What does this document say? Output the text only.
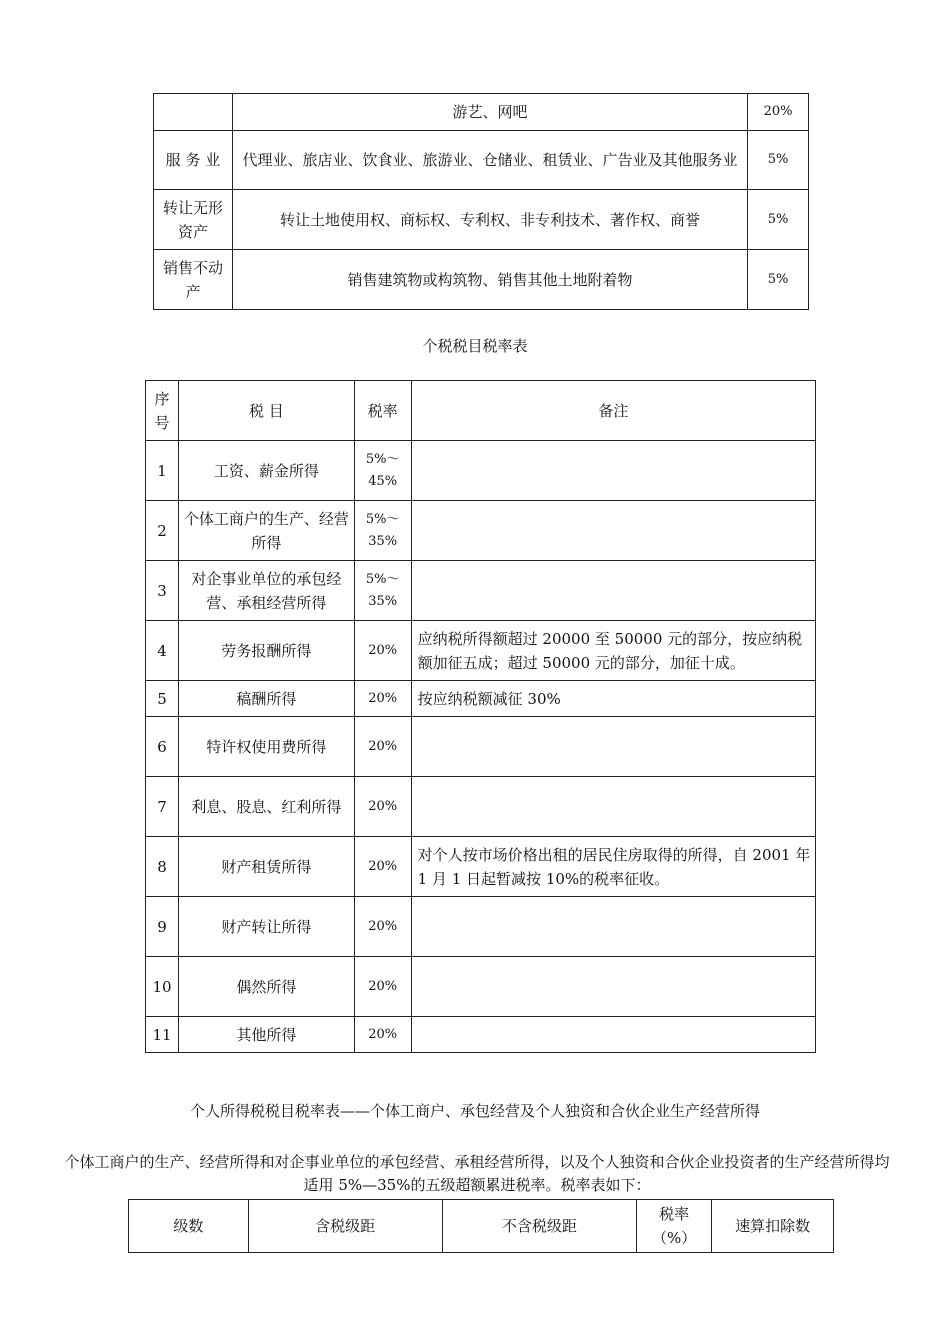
	游艺、网吧	20%
服 务 业	代理业、旅店业、饮食业、旅游业、仓储业、租赁业、广告业及其他服务业	5%
转让无形资产	转让土地使用权、商标权、专利权、非专利技术、著作权、商誉	5%
销售不动产	销售建筑物或构筑物、销售其他土地附着物	5%
个税税目税率表
序号	税 目	税率	备注
1	工资、薪金所得	5%～45%	
2	个体工商户的生产、经营所得	5%～35%	
3	对企事业单位的承包经营、承租经营所得	5%～35%	
4	劳务报酬所得	20%	应纳税所得额超过 20000 至 50000 元的部分，按应纳税额加征五成；超过 50000 元的部分，加征十成。
5	稿酬所得	20%	按应纳税额减征 30%
6	特许权使用费所得	20%	
7	利息、股息、红利所得	20%	
8	财产租赁所得	20%	对个人按市场价格出租的居民住房取得的所得，自 2001 年 1 月 1 日起暂减按 10%的税率征收。
9	财产转让所得	20%	
10	偶然所得	20%	
11	其他所得	20%	
个人所得税税目税率表——个体工商户、承包经营及个人独资和合伙企业生产经营所得
个体工商户的生产、经营所得和对企事业单位的承包经营、承租经营所得，以及个人独资和合伙企业投资者的生产经营所得均适用 5%—35%的五级超额累进税率。税率表如下：
级数	含税级距	不含税级距	税率（%）	速算扣除数
